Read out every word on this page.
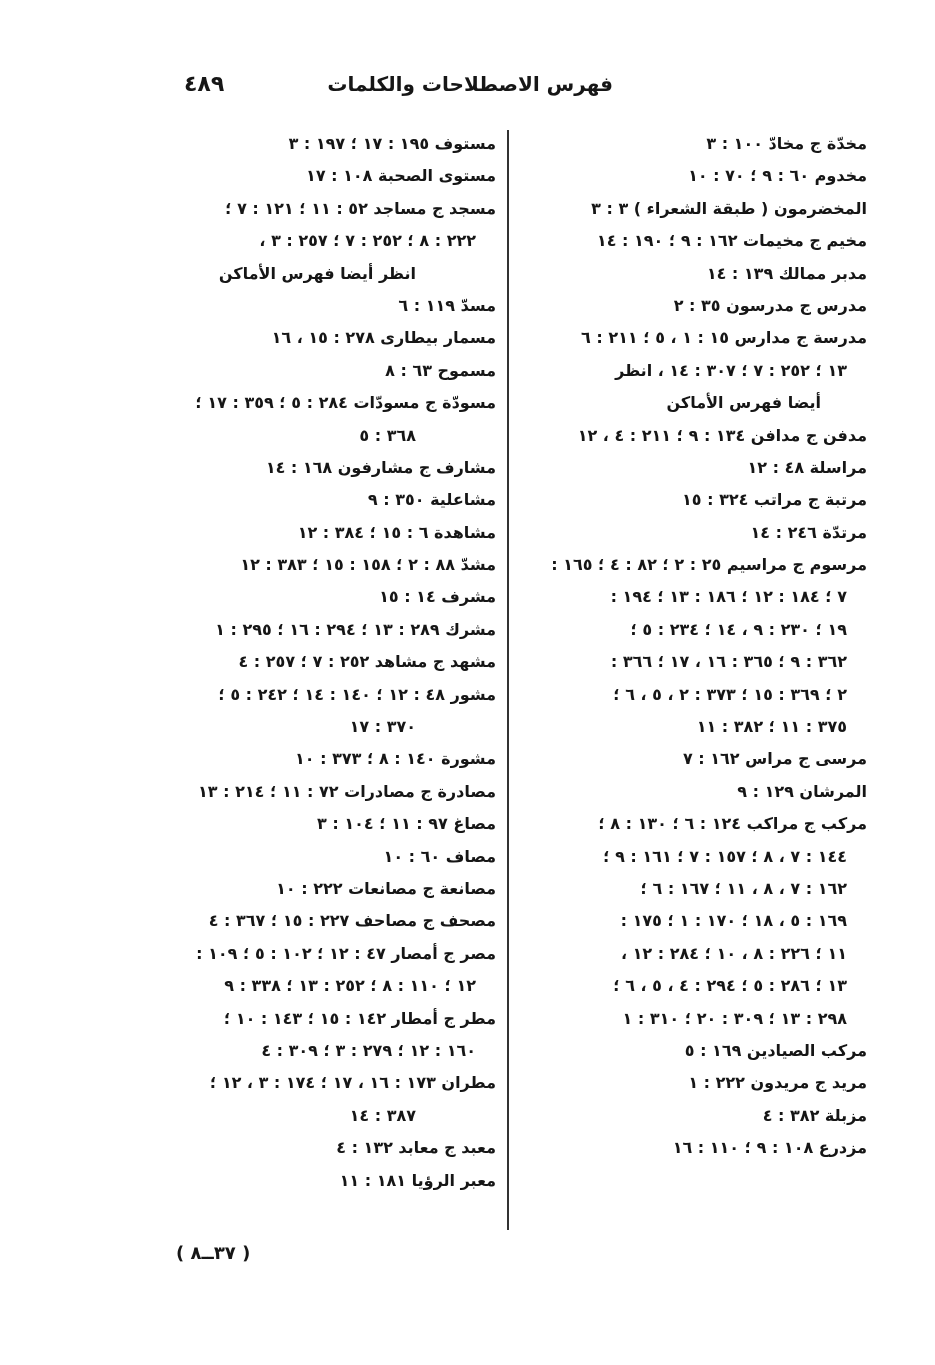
٤٨٩	فهرس الاصطلاحات والكلمات
مخدّة ج مخادّ ١٠٠ : ٣
مخدوم ٦٠ : ٩ ؛ ٧٠ : ١٠
المخضرمون ( طبقة الشعراء ) ٣ : ٣
مخيم ج مخيمات ١٦٢ : ٩ ؛ ١٩٠ : ١٤
مدبر ممالك ١٣٩ : ١٤
مدرس ج مدرسون ٣٥ : ٢
مدرسة ج مدارس ١٥ : ١ ، ٥ ؛ ٢١١ : ٦
١٣ ؛ ٢٥٢ : ٧ ؛ ٣٠٧ : ١٤ ، انظر
أيضا فهرس الأماكن
مدفن ج مدافن ١٣٤ : ٩ ؛ ٢١١ : ٤ ، ١٢
مراسلة ٤٨ : ١٢
مرتبة ج مراتب ٣٢٤ : ١٥
مرتدّة ٢٤٦ : ١٤
مرسوم ج مراسيم ٢٥ : ٢ ؛ ٨٢ : ٤ ؛ ١٦٥ :
٧ ؛ ١٨٤ : ١٢ ؛ ١٨٦ : ١٣ ؛ ١٩٤ :
١٩ ؛ ٢٣٠ : ٩ ، ١٤ ؛ ٢٣٤ : ٥ ؛
٣٦٢ : ٩ ؛ ٣٦٥ : ١٦ ، ١٧ ؛ ٣٦٦ :
٢ ؛ ٣٦٩ : ١٥ ؛ ٣٧٣ : ٢ ، ٥ ، ٦ ؛
٣٧٥ : ١١ ؛ ٣٨٢ : ١١
مرسى ج مراس ١٦٢ : ٧
المرشان ١٢٩ : ٩
مركب ج مراكب ١٢٤ : ٦ ؛ ١٣٠ : ٨ ؛
١٤٤ : ٧ ، ٨ ؛ ١٥٧ : ٧ ؛ ١٦١ : ٩ ؛
١٦٢ : ٧ ، ٨ ، ١١ ؛ ١٦٧ : ٦ ؛
١٦٩ : ٥ ، ١٨ ؛ ١٧٠ : ١ ؛ ١٧٥ :
١١ ؛ ٢٢٦ : ٨ ، ١٠ ؛ ٢٨٤ : ١٢ ،
١٣ ؛ ٢٨٦ : ٥ ؛ ٢٩٤ : ٤ ، ٥ ، ٦ ؛
٢٩٨ : ١٣ ؛ ٣٠٩ : ٢٠ ؛ ٣١٠ : ١
مركب الصيادين ١٦٩ : ٥
مريد ج مريدون ٢٢٢ : ١
مزبلة ٣٨٢ : ٤
مزدرع ١٠٨ : ٩ ؛ ١١٠ : ١٦
مستوف ١٩٥ : ١٧ ؛ ١٩٧ : ٣
مستوى الصحبة ١٠٨ : ١٧
مسجد ج مساجد ٥٢ : ١١ ؛ ١٢١ : ٧ ؛
٢٢٢ : ٨ ؛ ٢٥٢ : ٧ ؛ ٢٥٧ : ٣ ،
انظر أيضا فهرس الأماكن
مسدّ ١١٩ : ٦
مسمار بيطارى ٢٧٨ : ١٥ ، ١٦
مسموح ٦٣ : ٨
مسودّة ج مسودّات ٢٨٤ : ٥ ؛ ٣٥٩ : ١٧ ؛
٣٦٨ : ٥
مشارف ج مشارفون ١٦٨ : ١٤
مشاعلية ٣٥٠ : ٩
مشاهدة ٦ : ١٥ ؛ ٣٨٤ : ١٢
مشدّ ٨٨ : ٢ ؛ ١٥٨ : ١٥ ؛ ٣٨٣ : ١٢
مشرف ١٤ : ١٥
مشرك ٢٨٩ : ١٣ ؛ ٢٩٤ : ١٦ ؛ ٢٩٥ : ١
مشهد ج مشاهد ٢٥٢ : ٧ ؛ ٢٥٧ : ٤
مشور ٤٨ : ١٢ ؛ ١٤٠ : ١٤ ؛ ٢٤٢ : ٥ ؛
٣٧٠ : ١٧
مشورة ١٤٠ : ٨ ؛ ٣٧٣ : ١٠
مصادرة ج مصادرات ٧٢ : ١١ ؛ ٢١٤ : ١٣
مصاغ ٩٧ : ١١ ؛ ١٠٤ : ٣
مصاف ٦٠ : ١٠
مصانعة ج مصانعات ٢٢٢ : ١٠
مصحف ج مصاحف ٢٢٧ : ١٥ ؛ ٣٦٧ : ٤
مصر ج أمصار ٤٧ : ١٢ ؛ ١٠٢ : ٥ ؛ ١٠٩ :
١٢ ؛ ١١٠ : ٨ ؛ ٢٥٢ : ١٣ ؛ ٣٣٨ : ٩
مطر ج أمطار ١٤٢ : ١٥ ؛ ١٤٣ : ١٠ ؛
١٦٠ : ١٢ ؛ ٢٧٩ : ٣ ؛ ٣٠٩ : ٤
مطران ١٧٣ : ١٦ ، ١٧ ؛ ١٧٤ : ٣ ، ١٢ ؛
٣٨٧ : ١٤
معبد ج معابد ١٣٢ : ٤
معبر الرؤيا ١٨١ : ١١
( ٣٧ــ٨ )
